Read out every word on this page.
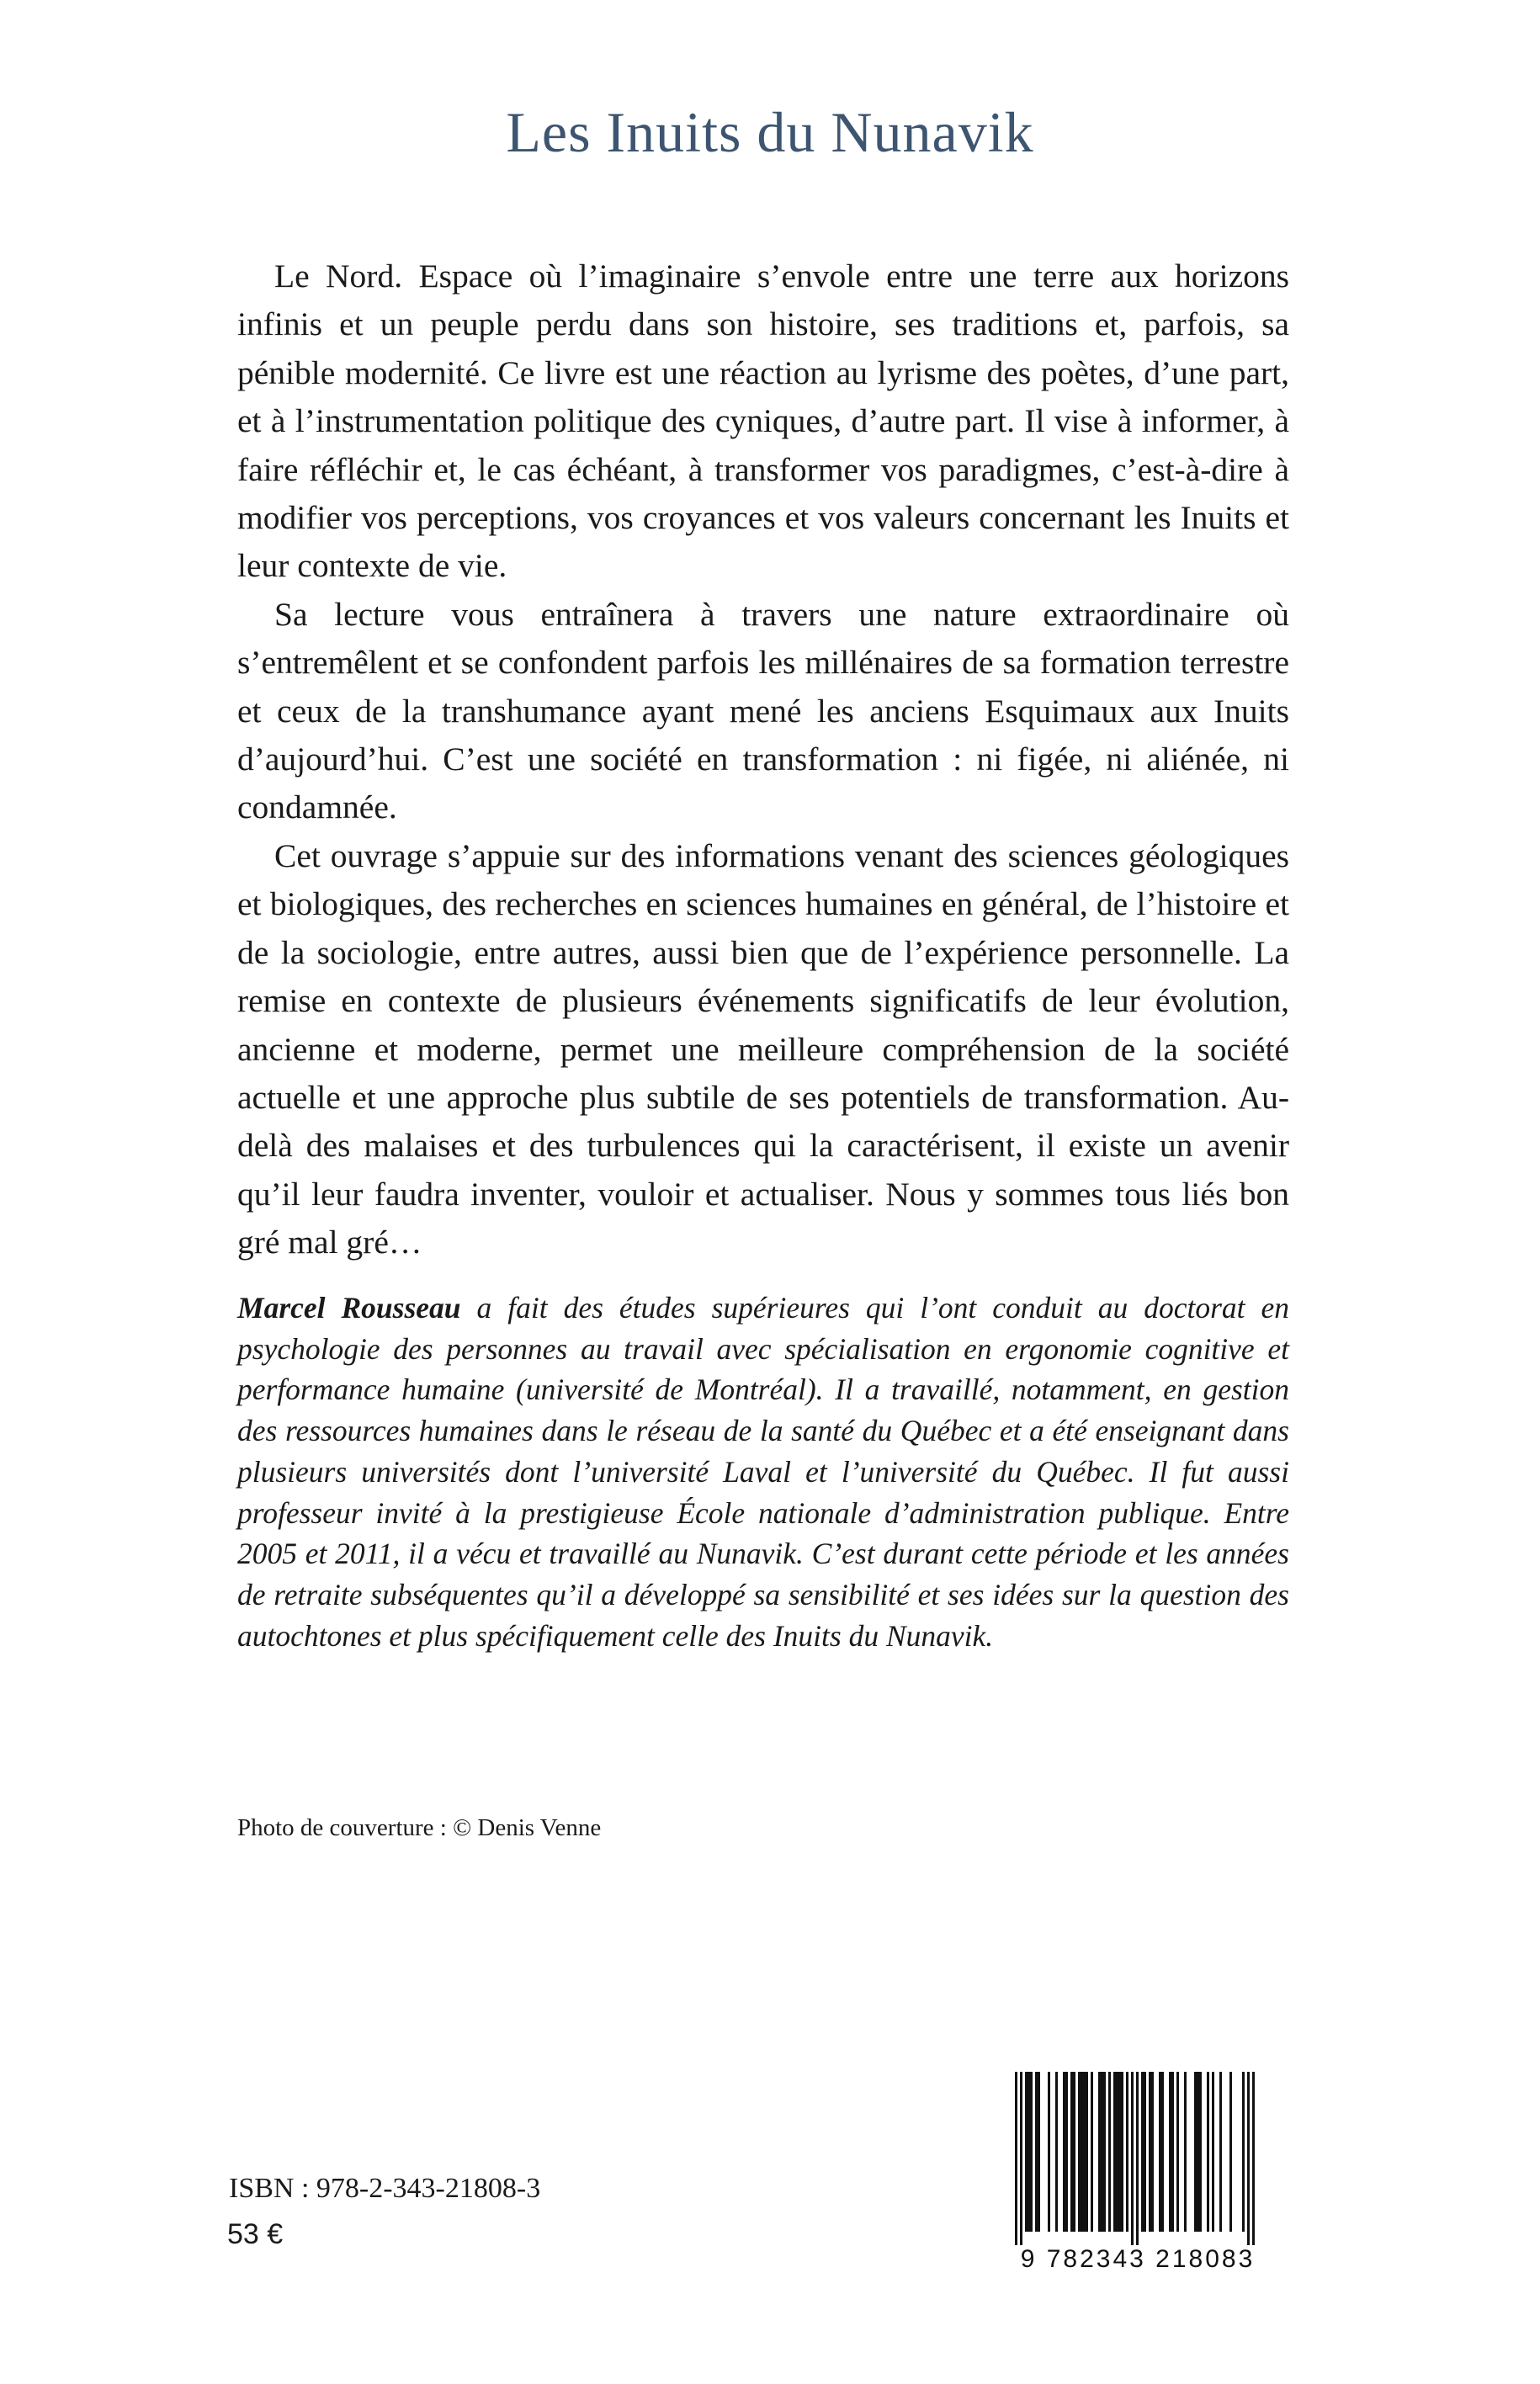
Les Inuits du Nunavik

Le Nord. Espace où l’imaginaire s’envole entre une terre aux horizons infinis et un peuple perdu dans son histoire, ses traditions et, parfois, sa pénible modernité. Ce livre est une réaction au lyrisme des poètes, d’une part, et à l’instrumentation politique des cyniques, d’autre part. Il vise à informer, à faire réfléchir et, le cas échéant, à transformer vos paradigmes, c’est-à-dire à modifier vos perceptions, vos croyances et vos valeurs concernant les Inuits et leur contexte de vie.

Sa lecture vous entraînera à travers une nature extraordinaire où s’entremêlent et se confondent parfois les millénaires de sa formation terrestre et ceux de la transhumance ayant mené les anciens Esquimaux aux Inuits d’aujourd’hui. C’est une société en transformation : ni figée, ni aliénée, ni condamnée.

Cet ouvrage s’appuie sur des informations venant des sciences géologiques et biologiques, des recherches en sciences humaines en général, de l’histoire et de la sociologie, entre autres, aussi bien que de l’expérience personnelle. La remise en contexte de plusieurs événements significatifs de leur évolution, ancienne et moderne, permet une meilleure compréhension de la société actuelle et une approche plus subtile de ses potentiels de transformation. Au-delà des malaises et des turbulences qui la caractérisent, il existe un avenir qu’il leur faudra inventer, vouloir et actualiser. Nous y sommes tous liés bon gré mal gré…

Marcel Rousseau a fait des études supérieures qui l’ont conduit au doctorat en psychologie des personnes au travail avec spécialisation en ergonomie cognitive et performance humaine (université de Montréal). Il a travaillé, notamment, en gestion des ressources humaines dans le réseau de la santé du Québec et a été enseignant dans plusieurs universités dont l’université Laval et l’université du Québec. Il fut aussi professeur invité à la prestigieuse École nationale d’administration publique. Entre 2005 et 2011, il a vécu et travaillé au Nunavik. C’est durant cette période et les années de retraite subséquentes qu’il a développé sa sensibilité et ses idées sur la question des autochtones et plus spécifiquement celle des Inuits du Nunavik.

Photo de couverture : © Denis Venne

ISBN : 978-2-343-21808-3

53 €

9 782343 218083
